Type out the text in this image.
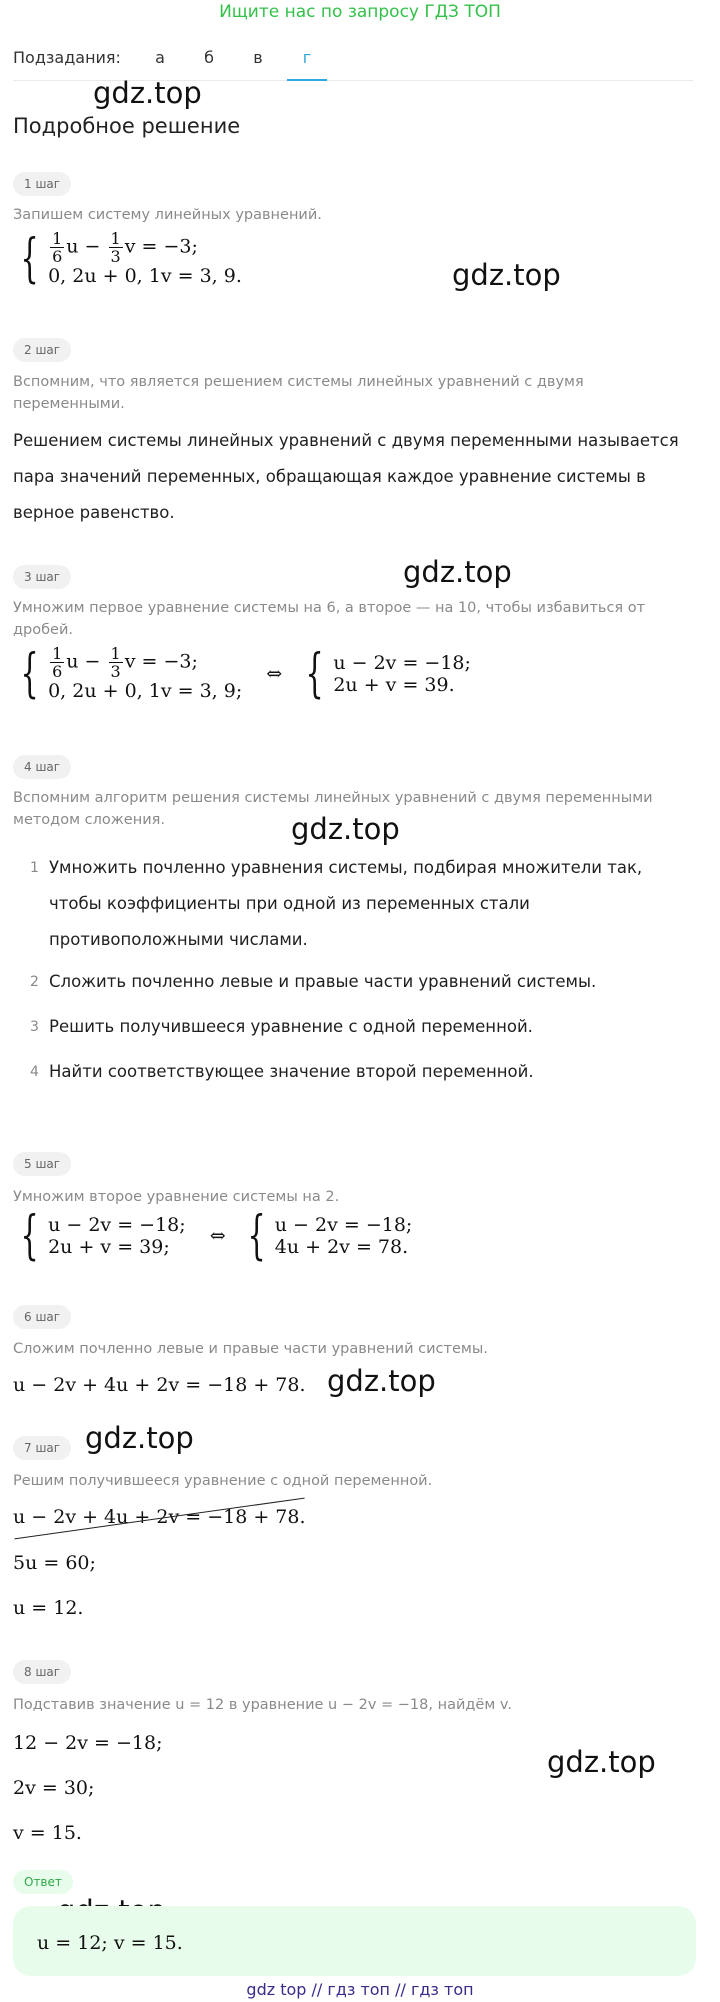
Ищите нас по запросу ГДЗ ТОП
Подзадания:	а	б	в	г
gdz.top
gdz.top
gdz.top
gdz.top
gdz.top
gdz.top
gdz.top
Подробное решение
1 шаг
Запишем систему линейных уравнений.
{ $\frac{1}{6}$ $u - \frac{1}{3}$ v = −3;
0, 2u + 0, 1v = 3, 9.
2 шаг
Вспомним, что является решением системы линейных уравнений с двумя переменными.
Решением системы линейных уравнений с двумя переменными называется пара значений переменных, обращающая каждое уравнение системы в верное равенство.
3 шаг
Умножим первое уравнение системы на 6, а второе — на 10, чтобы избавиться от дробей.
{ $\frac{1}{6}$ $u - \frac{1}{3}$ v = −3;
0, 2u + 0, 1v = 3, 9;
⇔ { u − 2v = −18;
2u + v = 39.
4 шаг
Вспомним алгоритм решения системы линейных уравнений с двумя переменными методом сложения.
1 Умножить почленно уравнения системы, подбирая множители так, чтобы коэффициенты при одной из переменных стали противоположными числами.
2 Сложить почленно левые и правые части уравнений системы.
3 Решить получившееся уравнение с одной переменной.
4 Найти соответствующее значение второй переменной.
5 шаг
Умножим второе уравнение системы на 2.
{ u − 2v = −18;
2u + v = 39;	⇔ { u − 2v = −18;
4u + 2v = 78.
6 шаг
Сложим почленно левые и правые части уравнений системы.
u − 2v + 4u + 2v = −18 + 78.
7 шаг
Решим получившееся уравнение с одной переменной.
u − 2v + 4u + 2v = −18 + 78.
5u = 60;
u = 12.
8 шаг
Подставив значение u = 12 в уравнение u − 2v = −18, найдём v.
12 − 2v = −18;
2v = 30;
v = 15.
Ответ
u = 12; v = 15.
gdz top // гдз топ // гдз топ
